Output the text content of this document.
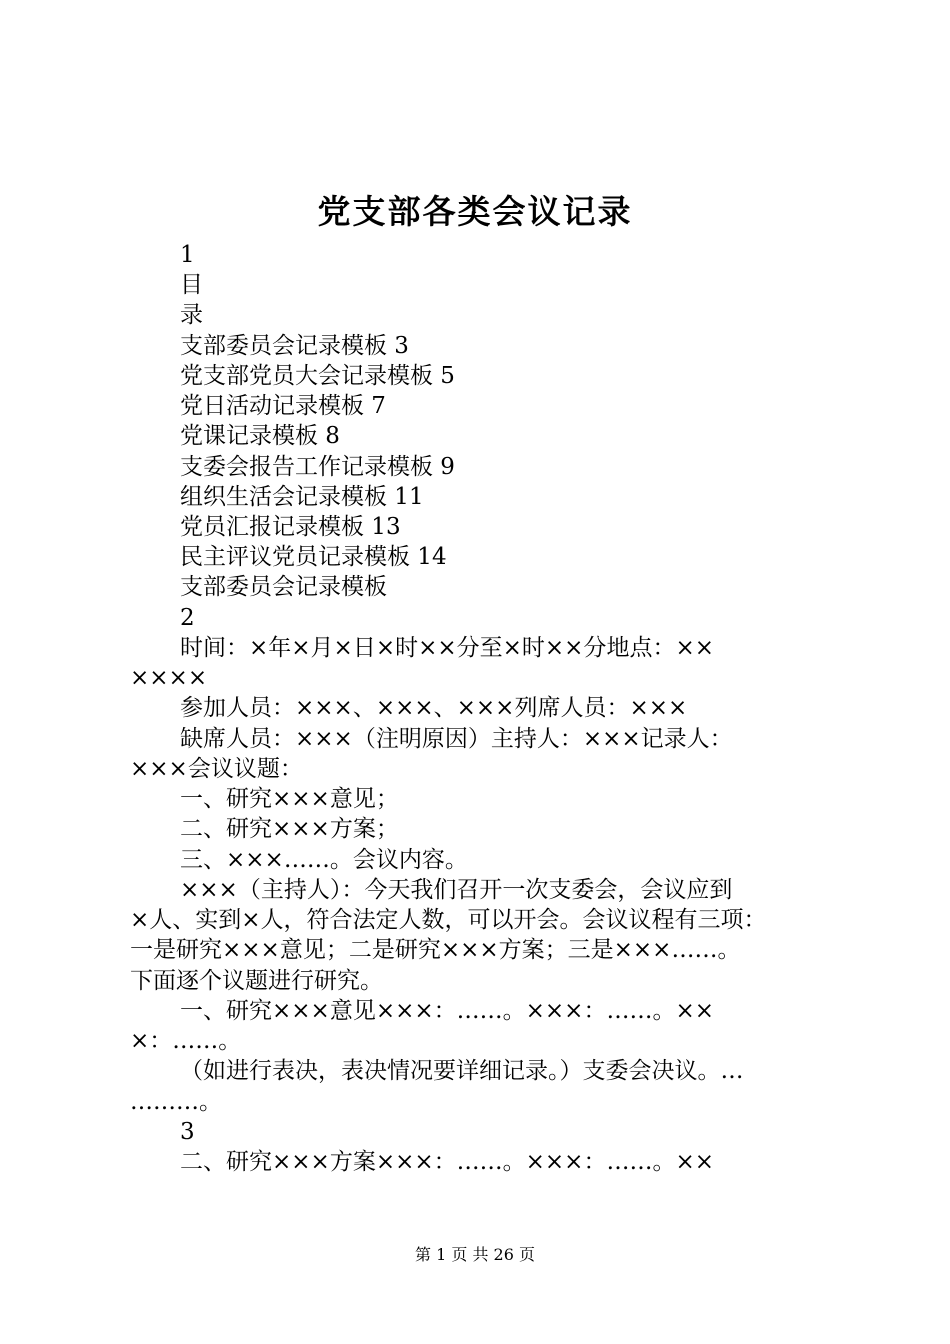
党支部各类会议记录
1
目
录
支部委员会记录模板 3
党支部党员大会记录模板 5
党日活动记录模板 7
党课记录模板 8
支委会报告工作记录模板 9
组织生活会记录模板 11
党员汇报记录模板 13
民主评议党员记录模板 14
支部委员会记录模板
2
时间：×年×月×日×时××分至×时××分地点：××
××××
参加人员：×××、×××、×××列席人员：×××
缺席人员：×××（注明原因）主持人：×××记录人：
×××会议议题：
一、研究×××意见；
二、研究×××方案；
三、×××……。会议内容。
×××（主持人）：今天我们召开一次支委会，会议应到
×人、实到×人，符合法定人数，可以开会。会议议程有三项：
一是研究×××意见；二是研究×××方案；三是×××……。
下面逐个议题进行研究。
一、研究×××意见×××：……。×××：……。××
×：……。
（如进行表决，表决情况要详细记录。）支委会决议。…
………。
3
二、研究×××方案×××：……。×××：……。××
第 1 页 共 26 页
